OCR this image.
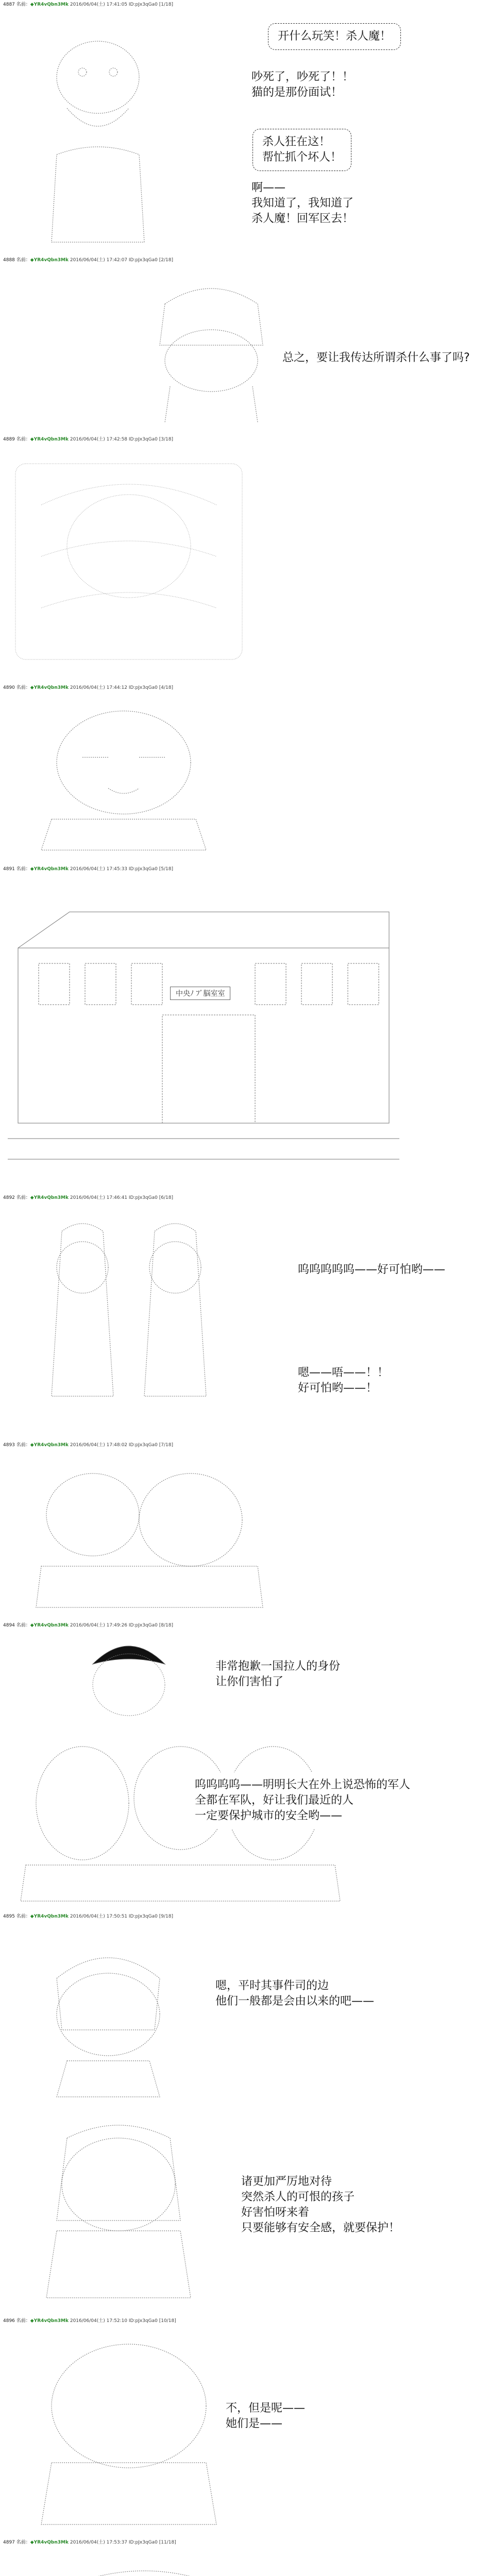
4887 名前：◆YR4vQbn3Mk 2016/06/04(土) 17:41:05 ID:pJx3qGa0 [1/18]
4888 名前：◆YR4vQbn3Mk 2016/06/04(土) 17:42:07 ID:pJx3qGa0 [2/18]
4889 名前：◆YR4vQbn3Mk 2016/06/04(土) 17:42:58 ID:pJx3qGa0 [3/18]
4890 名前：◆YR4vQbn3Mk 2016/06/04(土) 17:44:12 ID:pJx3qGa0 [4/18]
4891 名前：◆YR4vQbn3Mk 2016/06/04(土) 17:45:33 ID:pJx3qGa0 [5/18]
4892 名前：◆YR4vQbn3Mk 2016/06/04(土) 17:46:41 ID:pJx3qGa0 [6/18]
4893 名前：◆YR4vQbn3Mk 2016/06/04(土) 17:48:02 ID:pJx3qGa0 [7/18]
4894 名前：◆YR4vQbn3Mk 2016/06/04(土) 17:49:26 ID:pJx3qGa0 [8/18]
4895 名前：◆YR4vQbn3Mk 2016/06/04(土) 17:50:51 ID:pJx3qGa0 [9/18]
4896 名前：◆YR4vQbn3Mk 2016/06/04(土) 17:52:10 ID:pJx3qGa0 [10/18]
4897 名前：◆YR4vQbn3Mk 2016/06/04(土) 17:53:37 ID:pJx3qGa0 [11/18]
中央ﾉ ﾌﾞ脳室室
开什么玩笑！杀人魔！
吵死了，吵死了！！
猫的是那份面试！
杀人狂在这！
帮忙抓个坏人！
啊——
我知道了，我知道了
杀人魔！回军区去！
总之，要让我传达所谓杀什么事了吗?
呜呜呜呜呜——好可怕哟——
嗯——唔——！！
好可怕哟——！
非常抱歉一国拉人的身份
让你们害怕了
呜呜呜呜——明明长大在外上说恐怖的军人
全都在军队，好让我们最近的人
一定要保护城市的安全哟——
嗯，平时其事件司的边
他们一般都是会由以来的吧——
诸更加严厉地对待
突然杀人的可恨的孩子
好害怕呀来着
只要能够有安全感，就要保护！
不，但是呢——
她们是——
